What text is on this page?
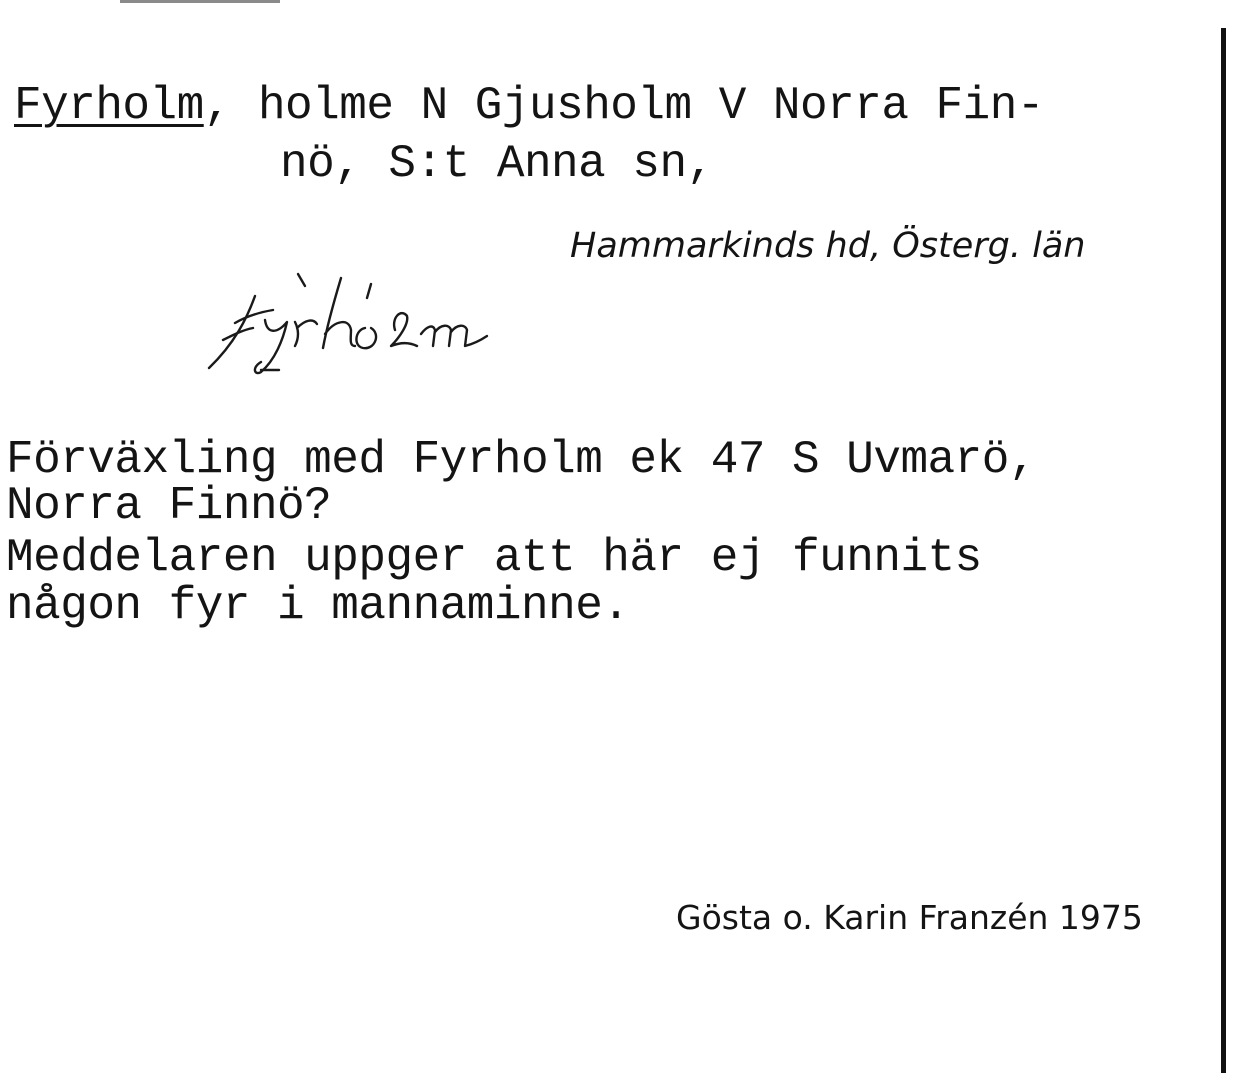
Fyrholm, holme N Gjusholm V Norra Fin-
nö, S:t Anna sn,
Hammarkinds hd, Österg. län
Förväxling med Fyrholm ek 47 S Uvmarö,
Norra Finnö?
Meddelaren uppger att här ej funnits
någon fyr i mannaminne.
Gösta o. Karin Franzén 1975
